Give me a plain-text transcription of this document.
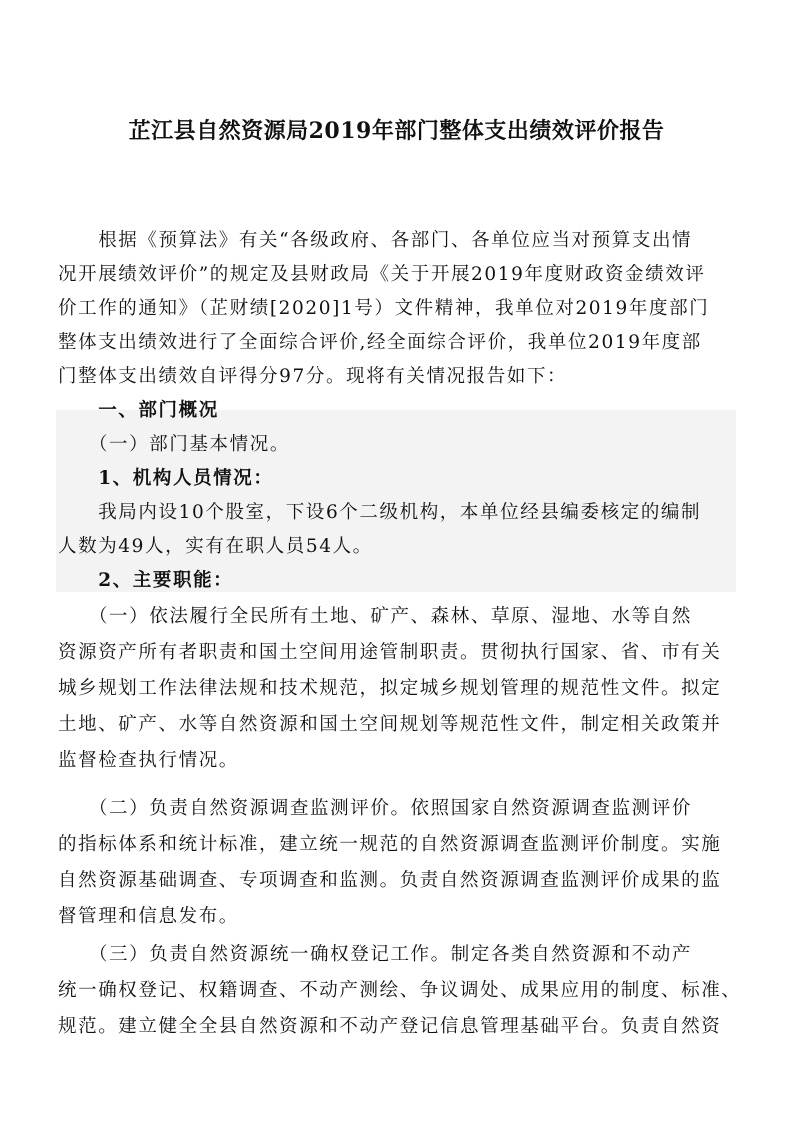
芷江县自然资源局2019年部门整体支出绩效评价报告
　　根据《预算法》有关“各级政府、各部门、各单位应当对预算支出情
况开展绩效评价”的规定及县财政局《关于开展2019年度财政资金绩效评
价工作的通知》（芷财绩[2020]1号）文件精神，我单位对2019年度部门
整体支出绩效进行了全面综合评价,经全面综合评价，我单位2019年度部
门整体支出绩效自评得分97分。现将有关情况报告如下：
　　一、部门概况
　　（一）部门基本情况。
　　1、机构人员情况：
　　我局内设10个股室，下设6个二级机构，本单位经县编委核定的编制
人数为49人，实有在职人员54人。
　　2、主要职能：
　　（一）依法履行全民所有土地、矿产、森林、草原、湿地、水等自然
资源资产所有者职责和国土空间用途管制职责。贯彻执行国家、省、市有关
城乡规划工作法律法规和技术规范，拟定城乡规划管理的规范性文件。拟定
土地、矿产、水等自然资源和国土空间规划等规范性文件，制定相关政策并
监督检查执行情况。
　　（二）负责自然资源调查监测评价。依照国家自然资源调查监测评价
的指标体系和统计标准，建立统一规范的自然资源调查监测评价制度。实施
自然资源基础调查、专项调查和监测。负责自然资源调查监测评价成果的监
督管理和信息发布。
　　（三）负责自然资源统一确权登记工作。制定各类自然资源和不动产
统一确权登记、权籍调查、不动产测绘、争议调处、成果应用的制度、标准、
规范。建立健全全县自然资源和不动产登记信息管理基础平台。负责自然资
